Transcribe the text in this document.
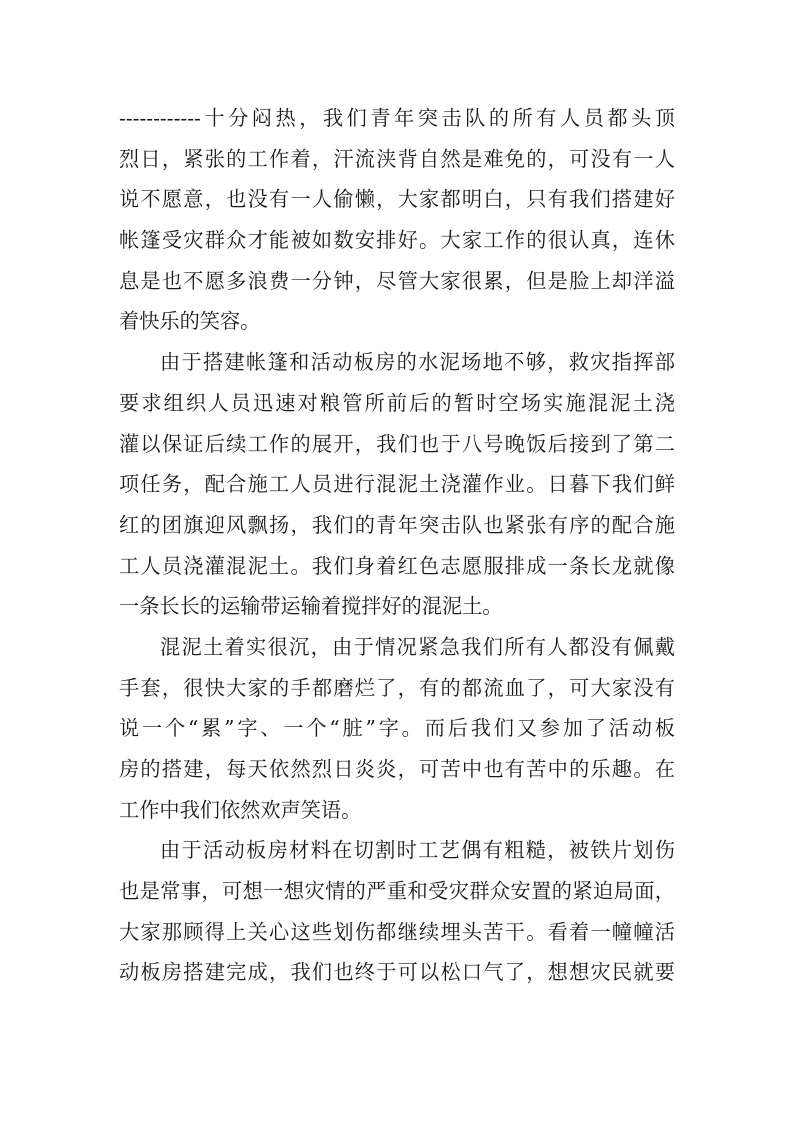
------------十分闷热，我们青年突击队的所有人员都头顶
烈日，紧张的工作着，汗流浃背自然是难免的，可没有一人
说不愿意，也没有一人偷懒，大家都明白，只有我们搭建好
帐篷受灾群众才能被如数安排好。大家工作的很认真，连休
息是也不愿多浪费一分钟，尽管大家很累，但是脸上却洋溢
着快乐的笑容。
由于搭建帐篷和活动板房的水泥场地不够，救灾指挥部
要求组织人员迅速对粮管所前后的暂时空场实施混泥土浇
灌以保证后续工作的展开，我们也于八号晚饭后接到了第二
项任务，配合施工人员进行混泥土浇灌作业。日暮下我们鲜
红的团旗迎风飘扬，我们的青年突击队也紧张有序的配合施
工人员浇灌混泥土。我们身着红色志愿服排成一条长龙就像
一条长长的运输带运输着搅拌好的混泥土。
混泥土着实很沉，由于情况紧急我们所有人都没有佩戴
手套，很快大家的手都磨烂了，有的都流血了，可大家没有
说一个“累”字、一个“脏”字。而后我们又参加了活动板
房的搭建，每天依然烈日炎炎，可苦中也有苦中的乐趣。在
工作中我们依然欢声笑语。
由于活动板房材料在切割时工艺偶有粗糙，被铁片划伤
也是常事，可想一想灾情的严重和受灾群众安置的紧迫局面，
大家那顾得上关心这些划伤都继续埋头苦干。看着一幢幢活
动板房搭建完成，我们也终于可以松口气了，想想灾民就要
